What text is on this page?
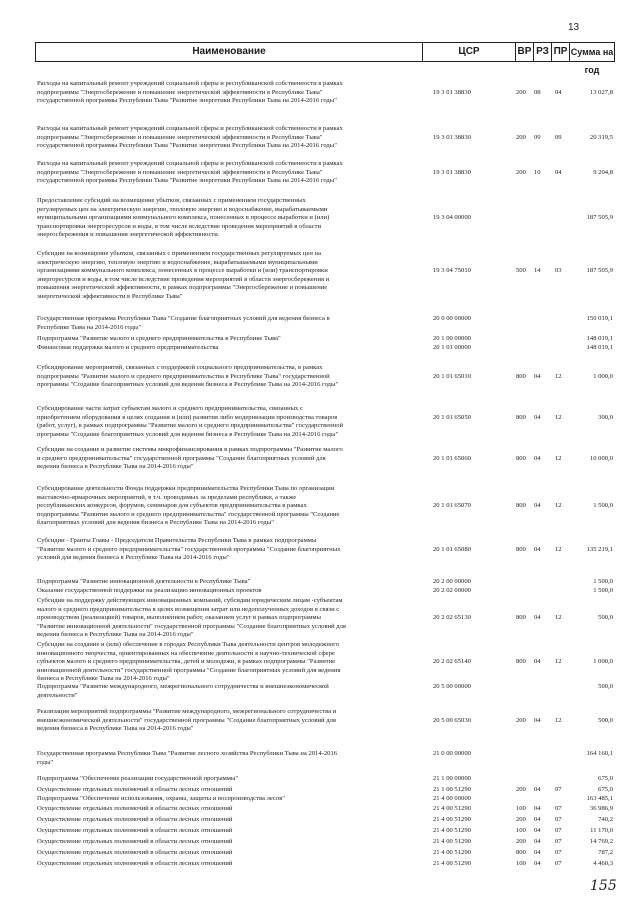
13
Наименование	ЦСР	ВР РЗ ПР Сумма на год
Расходы на капитальный ремонт учреждений социальной сферы и республиканской собственности в рамках
подпрограммы "Энергосбережение и повышение энергетической эффективности в Республике Тыва"
государственной программы Республики Тыва "Развитие энергетики Республики Тыва на 2014-2016 годы"
19 3 01 38830	200 08 04	13 027,8
Расходы на капитальный ремонт учреждений социальной сферы и республиканской собственности в рамках
подпрограммы "Энергосбережение и повышение энергетической эффективности в Республике Тыва"
государственной программы Республики Тыва "Развитие энергетики Республики Тыва на 2014-2016 годы"
19 3 01 38830	200 09 09	20 319,5
Расходы на капитальный ремонт учреждений социальной сферы и республиканской собственности в рамках
подпрограммы "Энергосбережение и повышение энергетической эффективности в Республике Тыва"
государственной программы Республики Тыва "Развитие энергетики Республики Тыва на 2014-2016 годы"
19 3 01 38830	200 10 04	9 204,8
Предоставление субсидий на возмещение убытков, связанных с применением государственных
регулируемых цен на электрическую энергию, тепловую энергию и водоснабжение, вырабатываемыми
муниципальными организациями коммунального комплекса, понесенных в процессе выработки и (или)
транспортировки энергоресурсов и воды, в том числе вследствие проведения мероприятий в области
энергосбережения и повышения энергетической эффективности.
19 3 04 00000	187 505,9
Субсидии на возмещение убытков, связанных с применением государственных регулируемых цен на
электрическую энергию, тепловую энергию и водоснабжение, вырабатываемыми муниципальными
организациями коммунального комплекса, понесенных в процессе выработки и (или) транспортировки
энергоресурсов и воды, в том числе вследствие проведения мероприятий в области энергосбережения и
повышения энергетической эффективности, в рамках подпрограммы "Энергосбережение и повышение
энергетической эффективности в Республике Тыва"
19 3 04 75010	500 14 03	187 505,9
Государственная программа Республики Тыва "Создание благоприятных условий для ведения бизнеса в
Республике Тыва на 2014-2016 годы"
20 0 00 00000	150 019,1
Подпрограмма "Развитие малого и среднего предпринимательства в Республике Тыва"	20 1 00 00000	148 019,1
Финансовая поддержка малого и среднего предпринимательства	20 1 01 00000	148 019,1
Субсидирование мероприятий, связанных с поддержкой социального предпринимательства, в рамках
подпрограммы "Развитие малого и среднего предпринимательства в Республике Тыва" государственной
программы "Создание благоприятных условий для ведения бизнеса в Республике Тыва на 2014-2016 годы"
20 1 01 65010	800 04 12	1 000,0
Субсидирование части затрат субъектам малого и среднего предпринимательства, связанных с
приобретением оборудования в целях создания и (или) развития либо модернизации производства товаров
(работ, услуг), в рамках подпрограммы "Развитие малого и среднего предпринимательства" государственной
программы "Создание благоприятных условий для ведения бизнеса в Республике Тыва на 2014-2016 годы"
20 1 01 65050	800 04 12	300,0
Субсидии на создание и развитие системы микрофинансирования в рамках подпрограммы "Развитие малого
и среднего предпринимательства" государственной программы "Создание благоприятных условий для
ведения бизнеса в Республике Тыва на 2014-2016 годы"
20 1 01 65060	800 04 12	10 000,0
Субсидирование деятельности Фонда поддержки предпринимательства Республики Тыва по организации
выставочно-ярмарочных мероприятий, в т.ч. проводимых за пределами республики, а также
республиканских конкурсов, форумов, семинаров для субъектов предпринимательства в рамках
подпрограммы "Развитие малого и среднего предпринимательства" государственной программы "Создание
благоприятных условий для ведения бизнеса в Республике Тыва на 2014-2016 годы"
20 1 01 65070	800 04 12	1 500,0
Субсидии - Гранты Главы - Председателя Правительства Республики Тыва в рамках подпрограммы
"Развитие малого и среднего предпринимательства" государственной программы "Создание благоприятных
условий для ведения бизнеса в Республике Тыва на 2014-2016 годы"
20 1 01 65080	800 04 12	135 219,1
Подпрограмма "Развитие инновационной деятельности в Республике Тыва"	20 2 00 00000	1 500,0
Оказание государственной поддержки на реализацию инновационных проектов	20 2 02 00000	1 500,0
Субсидии на поддержку действующих инновационных компаний, субсидии юридическим лицам -субъектам
малого и среднего предпринимательства в целях возмещения затрат или недополученных доходов в связи с
производством (реализацией) товаров, выполнением работ, оказанием услуг в рамках подпрограммы
"Развитие инновационной деятельности" государственной программы "Создание благоприятных условий для
ведения бизнеса в Республике Тыва на 2014-2016 годы"
20 2 02 65130	800 04 12	500,0
Субсидии на создание и (или) обеспечение в городах Республики Тыва деятельности центров молодежного
инновационного творчества, ориентированных на обеспечение деятельности в научно-технической сфере
субъектов малого и среднего предпринимательства, детей и молодежи, в рамках подпрограммы "Развитие
инновационной деятельности" государственной программы "Создание благоприятных условий для ведения
бизнеса в Республике Тыва на 2014-2016 годы"
20 2 02 65140	800 04 12	1 000,0
Подпрограмма "Развитие международного, межрегионального сотрудничества и внешнеэкономической
деятельности"
20 5 00 00000	500,0
Реализация мероприятий подпрограммы "Развитие международного, межрегионального сотрудничества и
внешнеэкономической деятельности" государственной программы "Создание благоприятных условий для
ведения бизнеса в Республике Тыва на 2014-2016 годы"
20 5 00 65030	200 04 12	500,0
Государственная программа Республики Тыва "Развитие лесного хозяйства Республики Тыва на 2014-2016
годы"
21 0 00 00000	164 160,1
Подпрограмма "Обеспечение реализации государственной программы"	21 1 00 00000	675,0
Осуществление отдельных полномочий в области лесных отношений	21 1 00 51290	200 04 07	675,0
Подпрограмма "Обеспечение использования, охраны, защиты и воспроизводства лесов"	21 4 00 00000	163 485,1
Осуществление отдельных полномочий в области лесных отношений	21 4 00 51290	100 04 07	36 986,9
Осуществление отдельных полномочий в области лесных отношений	21 4 00 51290	200 04 07	740,2
Осуществление отдельных полномочий в области лесных отношений	21 4 00 51290	100 04 07	11 170,0
Осуществление отдельных полномочий в области лесных отношений	21 4 00 51290	200 04 07	14 769,2
Осуществление отдельных полномочий в области лесных отношений	21 4 00 51290	800 04 07	787,2
Осуществление отдельных полномочий в области лесных отношений	21 4 00 51290	100 04 07	4 460,3
155
